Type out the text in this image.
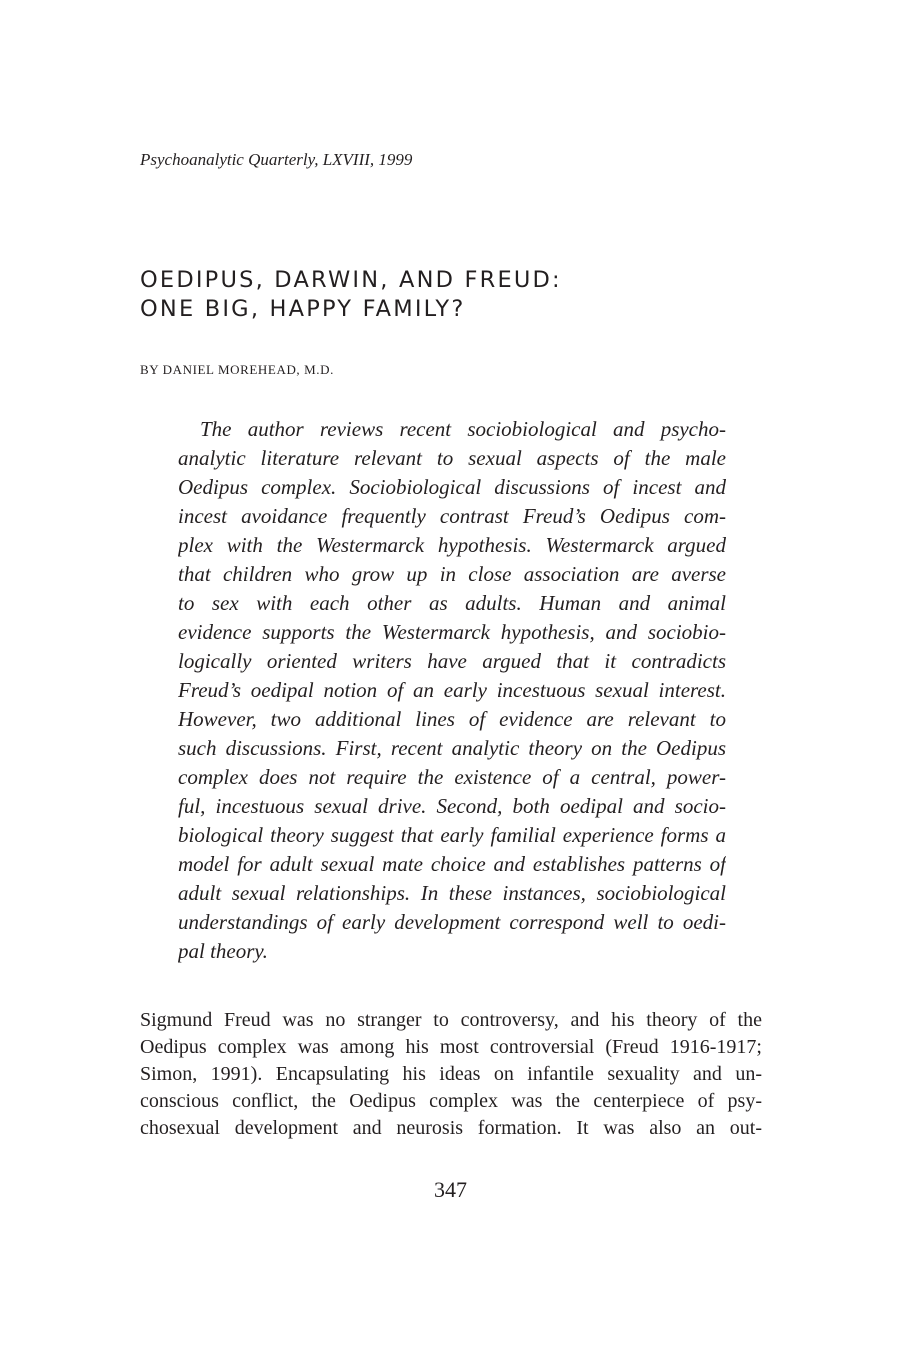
Psychoanalytic Quarterly, LXVIII, 1999
OEDIPUS, DARWIN, AND FREUD:
ONE BIG, HAPPY FAMILY?
BY DANIEL MOREHEAD, M.D.
The author reviews recent sociobiological and psycho-
analytic literature relevant to sexual aspects of the male
Oedipus complex. Sociobiological discussions of incest and
incest avoidance frequently contrast Freud’s Oedipus com-
plex with the Westermarck hypothesis. Westermarck argued
that children who grow up in close association are averse
to sex with each other as adults. Human and animal
evidence supports the Westermarck hypothesis, and sociobio-
logically oriented writers have argued that it contradicts
Freud’s oedipal notion of an early incestuous sexual interest.
However, two additional lines of evidence are relevant to
such discussions. First, recent analytic theory on the Oedipus
complex does not require the existence of a central, power-
ful, incestuous sexual drive. Second, both oedipal and socio-
biological theory suggest that early familial experience forms a
model for adult sexual mate choice and establishes patterns of
adult sexual relationships. In these instances, sociobiological
understandings of early development correspond well to oedi-
pal theory.
Sigmund Freud was no stranger to controversy, and his theory of the
Oedipus complex was among his most controversial (Freud 1916-1917;
Simon, 1991). Encapsulating his ideas on infantile sexuality and un-
conscious conflict, the Oedipus complex was the centerpiece of psy-
chosexual development and neurosis formation. It was also an out-
347
